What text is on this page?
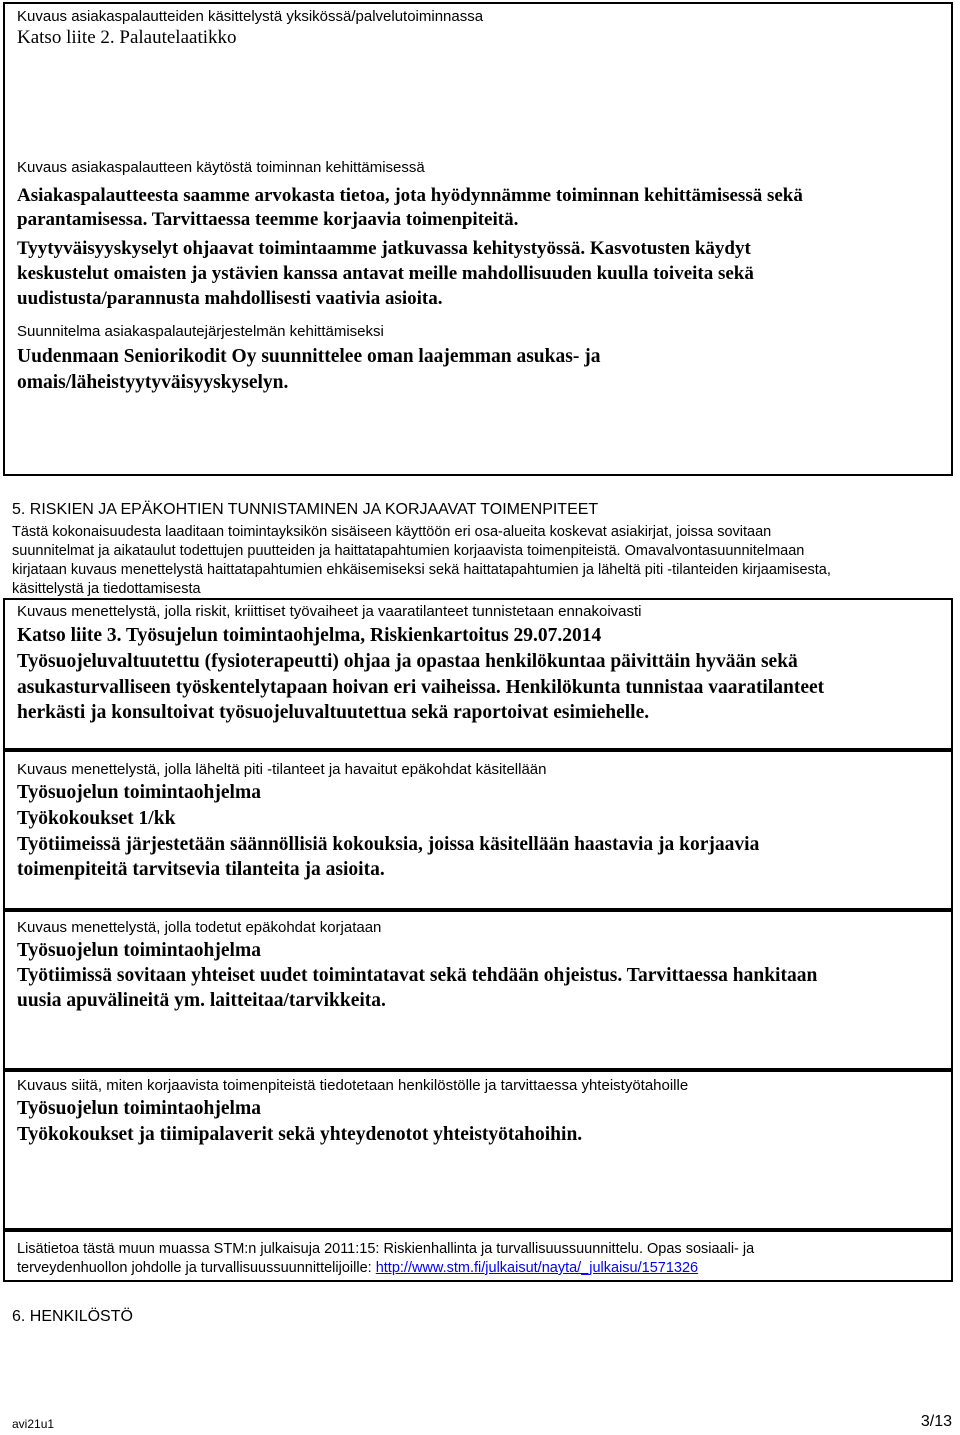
Kuvaus asiakaspalautteiden käsittelystä yksikössä/palvelutoiminnassa
Katso liite 2. Palautelaatikko
Kuvaus asiakaspalautteen käytöstä toiminnan kehittämisessä
Asiakaspalautteesta saamme arvokasta tietoa, jota hyödynnämme toiminnan kehittämisessä sekä
parantamisessa. Tarvittaessa teemme korjaavia toimenpiteitä.
Tyytyväisyyskyselyt ohjaavat toimintaamme jatkuvassa kehitystyössä. Kasvotusten käydyt
keskustelut omaisten ja ystävien kanssa antavat meille mahdollisuuden kuulla toiveita sekä
uudistusta/parannusta mahdollisesti vaativia asioita.
Suunnitelma asiakaspalautejärjestelmän kehittämiseksi
Uudenmaan Seniorikodit Oy suunnittelee oman laajemman asukas- ja
omais/läheistyytyväisyyskyselyn.
5. RISKIEN JA EPÄKOHTIEN TUNNISTAMINEN JA KORJAAVAT TOIMENPITEET
Tästä kokonaisuudesta laaditaan toimintayksikön sisäiseen käyttöön eri osa-alueita koskevat asiakirjat, joissa sovitaan
suunnitelmat ja aikataulut todettujen puutteiden ja haittatapahtumien korjaavista toimenpiteistä. Omavalvontasuunnitelmaan
kirjataan kuvaus menettelystä haittatapahtumien ehkäisemiseksi sekä haittatapahtumien ja läheltä piti -tilanteiden kirjaamisesta,
käsittelystä ja tiedottamisesta
Kuvaus menettelystä, jolla riskit, kriittiset työvaiheet ja vaaratilanteet tunnistetaan ennakoivasti
Katso liite 3. Työsujelun toimintaohjelma, Riskienkartoitus 29.07.2014
Työsuojeluvaltuutettu (fysioterapeutti) ohjaa ja opastaa henkilökuntaa päivittäin hyvään sekä
asukasturvalliseen työskentelytapaan hoivan eri vaiheissa. Henkilökunta tunnistaa vaaratilanteet
herkästi ja konsultoivat työsuojeluvaltuutettua sekä raportoivat esimiehelle.
Kuvaus menettelystä, jolla läheltä piti -tilanteet ja havaitut epäkohdat käsitellään
Työsuojelun toimintaohjelma
Työkokoukset 1/kk
Työtiimeissä järjestetään säännöllisiä kokouksia, joissa käsitellään haastavia ja korjaavia
toimenpiteitä tarvitsevia tilanteita ja asioita.
Kuvaus menettelystä, jolla todetut epäkohdat korjataan
Työsuojelun toimintaohjelma
Työtiimissä sovitaan yhteiset uudet toimintatavat sekä tehdään ohjeistus. Tarvittaessa hankitaan
uusia apuvälineitä ym. laitteitaa/tarvikkeita.
Kuvaus siitä, miten korjaavista toimenpiteistä tiedotetaan henkilöstölle ja tarvittaessa yhteistyötahoille
Työsuojelun toimintaohjelma
Työkokoukset ja tiimipalaverit sekä yhteydenotot yhteistyötahoihin.
Lisätietoa tästä muun muassa STM:n julkaisuja 2011:15: Riskienhallinta ja turvallisuussuunnittelu. Opas sosiaali- ja
terveydenhuollon johdolle ja turvallisuussuunnittelijoille: http://www.stm.fi/julkaisut/nayta/_julkaisu/1571326
6. HENKILÖSTÖ
avi21u1	3/13
